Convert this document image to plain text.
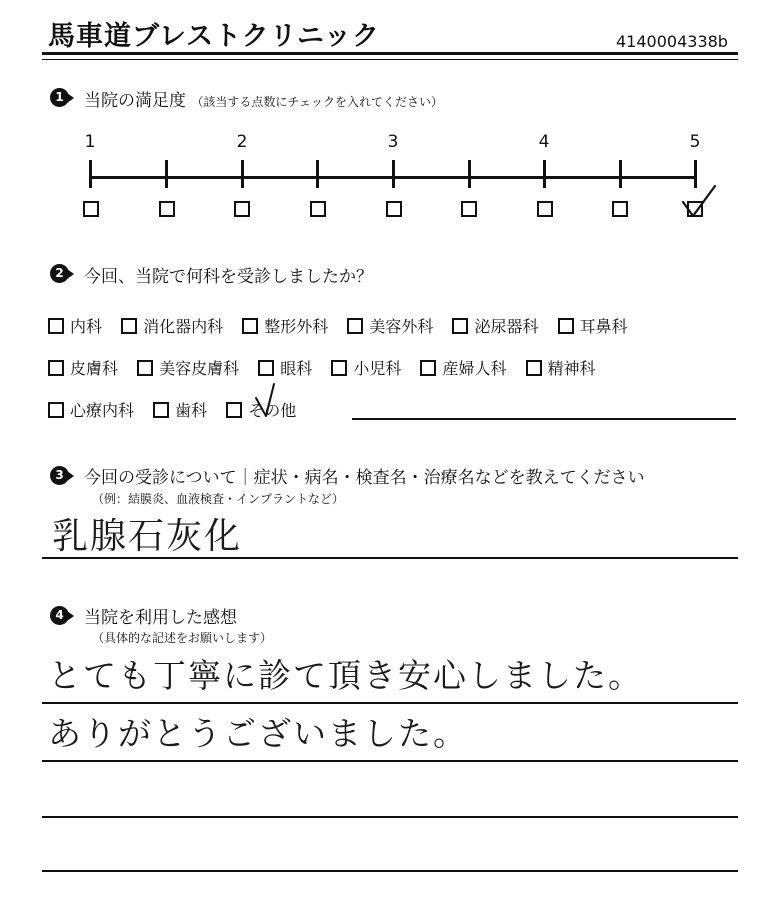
馬車道ブレストクリニック	4140004338b
1	当院の満足度 （該当する点数にチェックを入れてください）
1	2	3	4	5
2	今回、当院で何科を受診しましたか？
内科	消化器内科	整形外科	美容外科	泌尿器科	耳鼻科
皮膚科	美容皮膚科	眼科	小児科	産婦人科	精神科
心療内科	歯科	その他
3	今回の受診について｜症状・病名・検査名・治療名などを教えてください
（例：結膜炎、血液検査・インプラントなど）
乳腺石灰化
4	当院を利用した感想
（具体的な記述をお願いします）
とても丁寧に診て頂き安心しました。
ありがとうございました。
